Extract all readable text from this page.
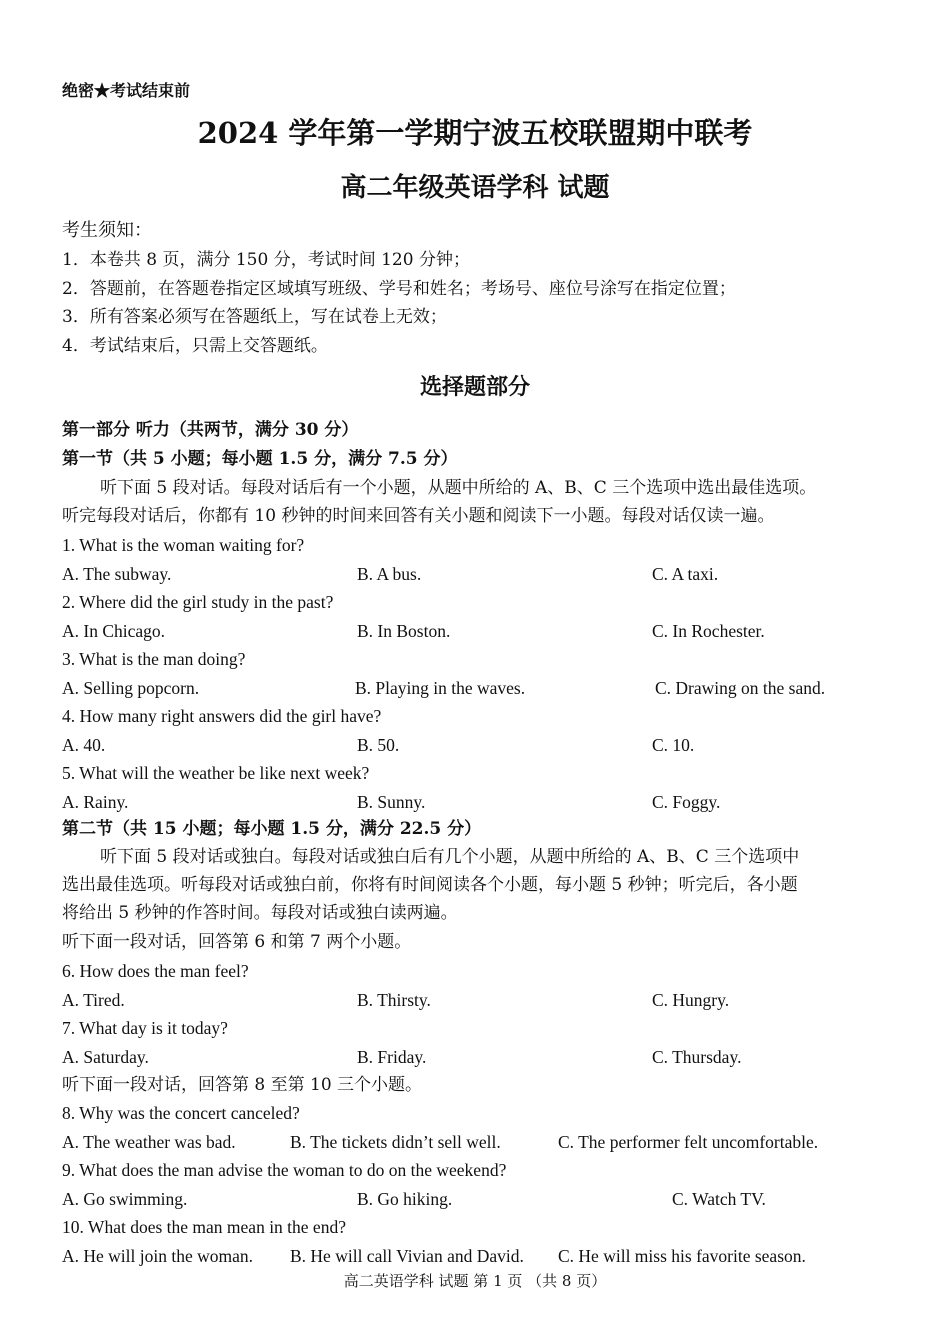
绝密★考试结束前
2024 学年第一学期宁波五校联盟期中联考
高二年级英语学科 试题
考生须知：
1．本卷共 8 页，满分 150 分，考试时间 120 分钟；
2．答题前，在答题卷指定区域填写班级、学号和姓名；考场号、座位号涂写在指定位置；
3．所有答案必须写在答题纸上，写在试卷上无效；
4．考试结束后，只需上交答题纸。
选择题部分
第一部分 听力（共两节，满分 30 分）
第一节（共 5 小题；每小题 1.5 分，满分 7.5 分）
听下面 5 段对话。每段对话后有一个小题，从题中所给的 A、B、C 三个选项中选出最佳选项。
听完每段对话后，你都有 10 秒钟的时间来回答有关小题和阅读下一小题。每段对话仅读一遍。
1. What is the woman waiting for?
A. The subway.	B. A bus.	C. A taxi.
2. Where did the girl study in the past?
A. In Chicago.	B. In Boston.	C. In Rochester.
3. What is the man doing?
A. Selling popcorn.	B. Playing in the waves.	C. Drawing on the sand.
4. How many right answers did the girl have?
A. 40.	B. 50.	C. 10.
5. What will the weather be like next week?
A. Rainy.	B. Sunny.	C. Foggy.
第二节（共 15 小题；每小题 1.5 分，满分 22.5 分）
听下面 5 段对话或独白。每段对话或独白后有几个小题，从题中所给的 A、B、C 三个选项中
选出最佳选项。听每段对话或独白前，你将有时间阅读各个小题，每小题 5 秒钟；听完后，各小题
将给出 5 秒钟的作答时间。每段对话或独白读两遍。
听下面一段对话，回答第 6 和第 7 两个小题。
6. How does the man feel?
A. Tired.	B. Thirsty.	C. Hungry.
7. What day is it today?
A. Saturday.	B. Friday.	C. Thursday.
听下面一段对话，回答第 8 至第 10 三个小题。
8. Why was the concert canceled?
A. The weather was bad.	B. The tickets didn’t sell well.	C. The performer felt uncomfortable.
9. What does the man advise the woman to do on the weekend?
A. Go swimming.	B. Go hiking.	C. Watch TV.
10. What does the man mean in the end?
A. He will join the woman. B. He will call Vivian and David. C. He will miss his favorite season.
高二英语学科 试题 第 1 页 （共 8 页）
